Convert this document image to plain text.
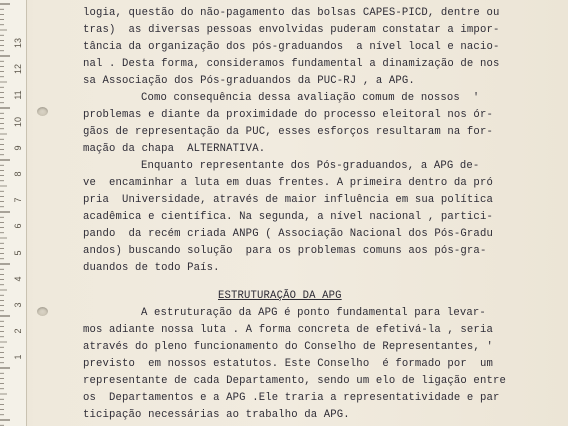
13
12
11
10
9
8
7
6
5
4
3
2
1
logia, questão do não-pagamento das bolsas CAPES-PICD, dentre ou
tras)  as diversas pessoas envolvidas puderam constatar a impor-
tância da organização dos pós-graduandos  a nível local e nacio-
nal . Desta forma, consideramos fundamental a dinamização de nos
sa Associação dos Pós-graduandos da PUC-RJ , a APG.
Como consequência dessa avaliação comum de nossos  '
problemas e diante da proximidade do processo eleitoral nos ór-
gãos de representação da PUC, esses esforços resultaram na for-
mação da chapa  ALTERNATIVA.
Enquanto representante dos Pós-graduandos, a APG de-
ve  encaminhar a luta em duas frentes. A primeira dentro da pró
pria  Universidade, através de maior influência em sua política
acadêmica e científica. Na segunda, a nível nacional , partici-
pando  da recém criada ANPG ( Associação Nacional dos Pós-Gradu
andos) buscando solução  para os problemas comuns aos pós-gra-
duandos de todo País.
ESTRUTURAÇÃO DA APG
A estruturação da APG é ponto fundamental para levar-
mos adiante nossa luta . A forma concreta de efetivá-la , seria
através do pleno funcionamento do Conselho de Representantes, '
previsto  em nossos estatutos. Este Conselho  é formado por  um
representante de cada Departamento, sendo um elo de ligação entre
os  Departamentos e a APG .Ele traria a representatividade e par
ticipação necessárias ao trabalho da APG.
